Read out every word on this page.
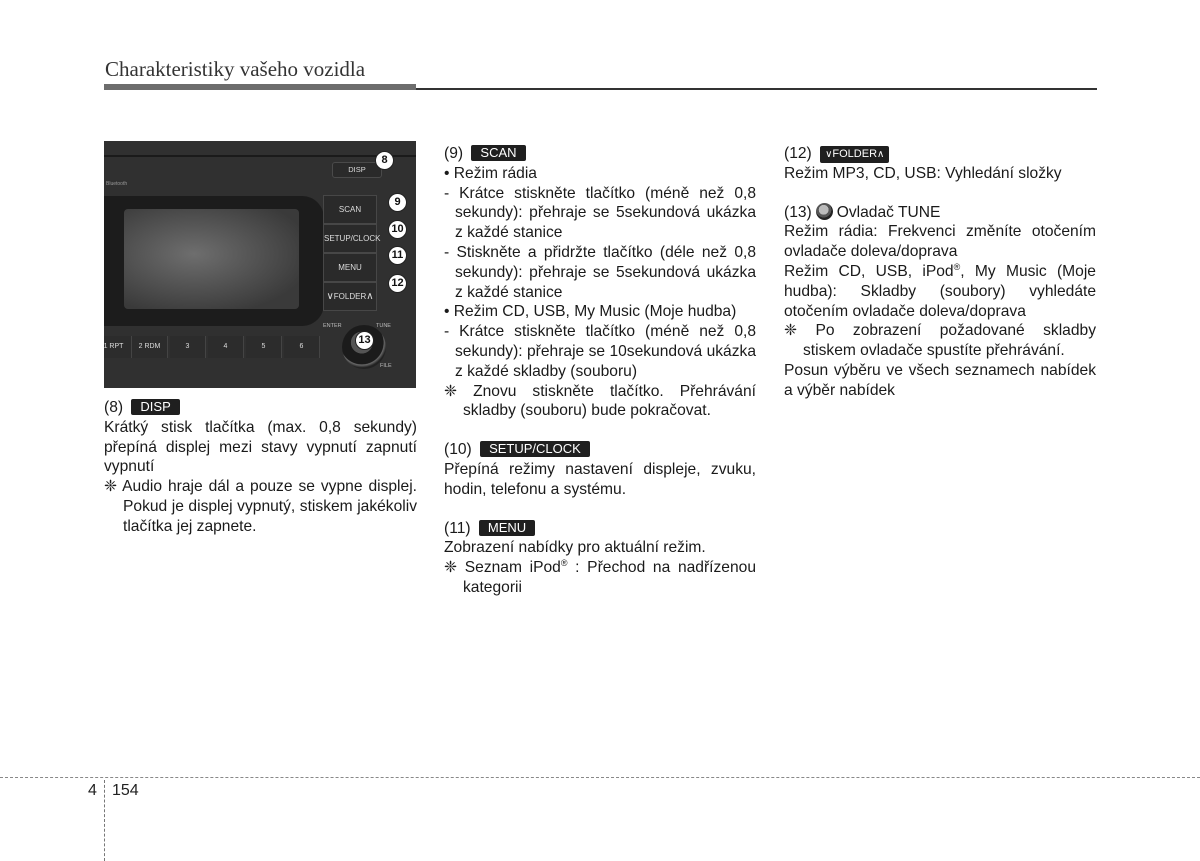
Charakteristiky vašeho vozidla
DISP
8
Bluetooth
SCAN
SETUP/CLOCK
MENU
∨FOLDER∧
9
10
11
12
ENTER	TUNE
1 RPT	2 RDM	3	4	5	6
13
FILE

(8) DISP

Krátký stisk tlačítka (max. 0,8 sekundy) přepíná displej mezi stavy vypnutí zapnutí vypnutí

❈ Audio hraje dál a pouze se vypne displej. Pokud je displej vypnutý, stiskem jakékoliv tlačítka jej zapnete.

(9) SCAN

• Režim rádia

- Krátce stiskněte tlačítko (méně než 0,8 sekundy): přehraje se 5sekundová ukázka z každé stanice

- Stiskněte a přidržte tlačítko (déle než 0,8 sekundy): přehraje se 5sekundová ukázka z každé stanice

• Režim CD, USB, My Music (Moje hudba)

- Krátce stiskněte tlačítko (méně než 0,8 sekundy): přehraje se 10sekundová ukázka z každé skladby (souboru)

❈ Znovu stiskněte tlačítko. Přehrávání skladby (souboru) bude pokračovat.

(10) SETUP/CLOCK

Přepíná režimy nastavení displeje, zvuku, hodin, telefonu a systému.

(11) MENU

Zobrazení nabídky pro aktuální režim.

❈ Seznam iPod® : Přechod na nadřízenou kategorii

(12) ∨FOLDER∧

Režim MP3, CD, USB: Vyhledání složky

(13) Ovladač TUNE

Režim rádia: Frekvenci změníte otočením ovladače doleva/doprava

Režim CD, USB, iPod®, My Music (Moje hudba): Skladby (soubory) vyhledáte otočením ovladače doleva/doprava

❈ Po zobrazení požadované skladby stiskem ovladače spustíte přehrávání.

Posun výběru ve všech seznamech nabídek a výběr nabídek

4 154
